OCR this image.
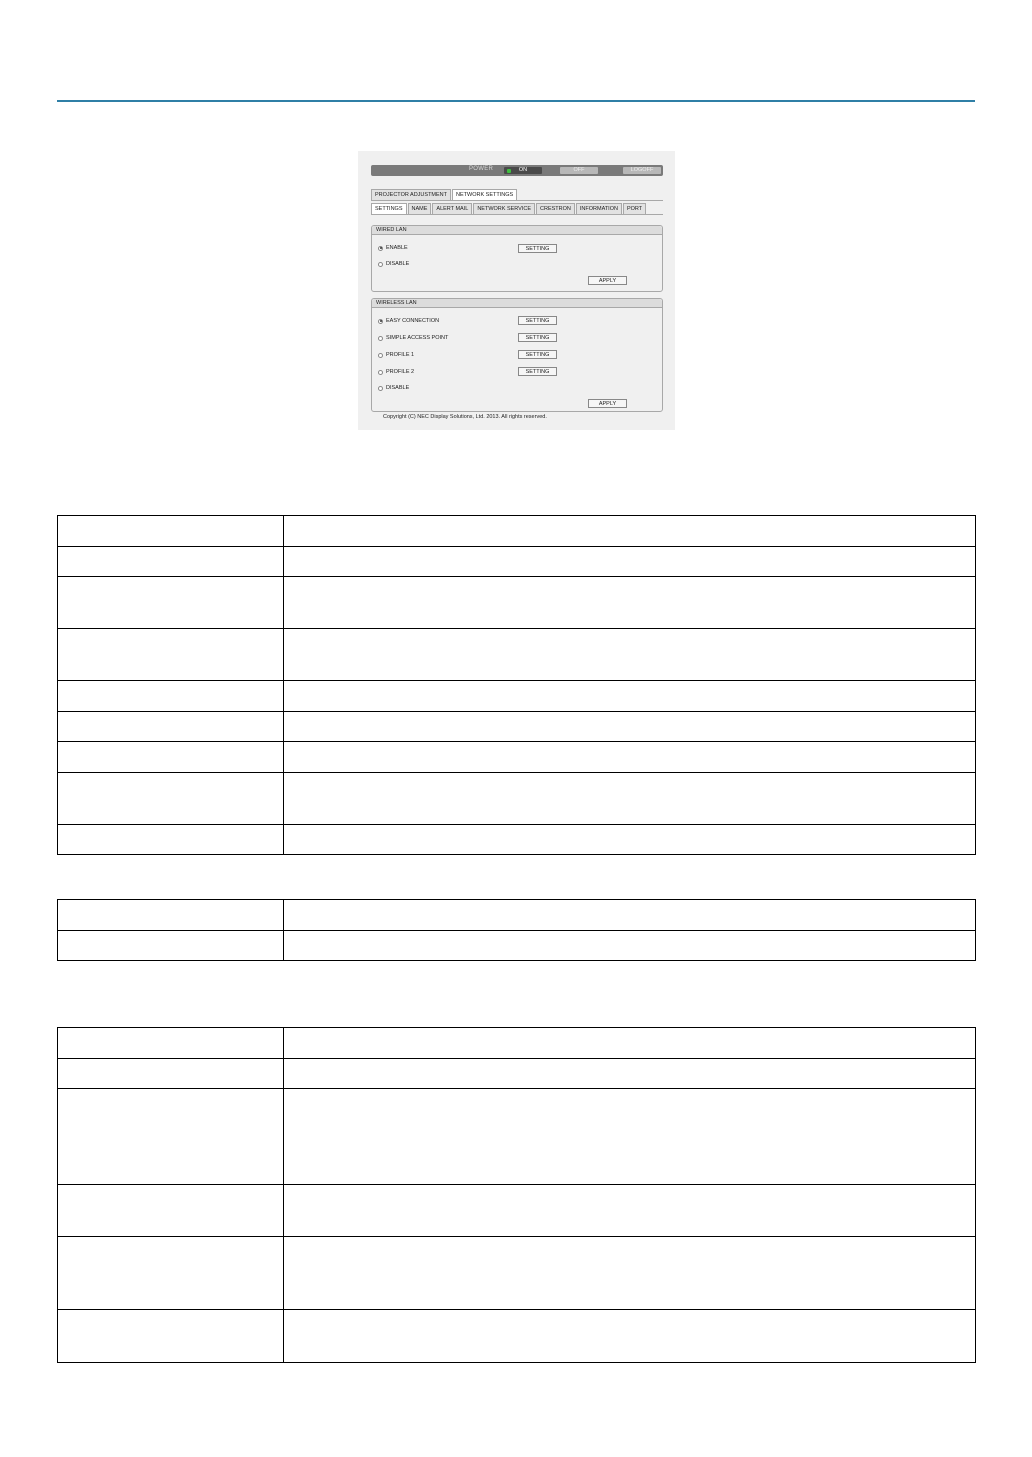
POWER	ON	OFF	LOGOFF
PROJECTOR ADJUSTMENT	NETWORK SETTINGS
SETTINGS	NAME	ALERT MAIL	NETWORK SERVICE	CRESTRON	INFORMATION	PORT
WIRED LAN
ENABLE	SETTING
DISABLE
APPLY
WIRELESS LAN
EASY CONNECTION	SETTING
SIMPLE ACCESS POINT	SETTING
PROFILE 1	SETTING
PROFILE 2	SETTING
DISABLE
APPLY
Copyright (C) NEC Display Solutions, Ltd. 2013. All rights reserved.
